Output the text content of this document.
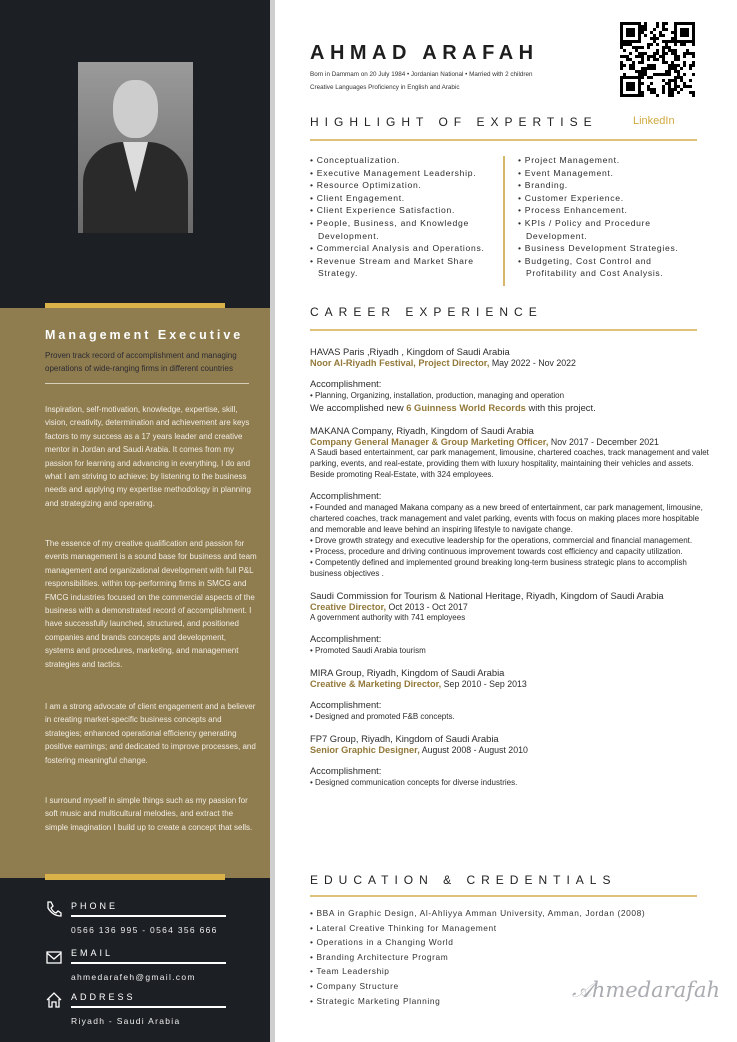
Management Executive
Proven track record of accomplishment and managing operations of wide-ranging firms in different countries
Inspiration, self-motivation, knowledge, expertise, skill, vision, creativity, determination and achievement are keys factors to my success as a 17 years leader and creative mentor in Jordan and Saudi Arabia. It comes from my passion for learning and advancing in everything, I do and what I am striving to achieve; by listening to the business needs and applying my expertise methodology in planning and strategizing and operating.
The essence of my creative qualification and passion for events management is a sound base for business and team management and organizational development with full P&L responsibilities. within top-performing firms in SMCG and FMCG industries focused on the commercial aspects of the business with a demonstrated record of accomplishment. I have successfully launched, structured, and positioned companies and brands concepts and development, systems and procedures, marketing, and management strategies and tactics.
I am a strong advocate of client engagement and a believer in creating market-specific business concepts and strategies; enhanced operational efficiency generating positive earnings; and dedicated to improve processes, and fostering meaningful change.
I surround myself in simple things such as my passion for soft music and multicultural melodies, and extract the simple imagination I build up to create a concept that sells.
PHONE
0566 136 995 - 0564 356 666
EMAIL
ahmedarafeh@gmail.com
ADDRESS
Riyadh - Saudi Arabia
AHMAD ARAFAH
Born in Dammam on 20 July 1984 • Jordanian National • Married with 2 children
Creative Languages Proficiency in English and Arabic
HIGHLIGHT OF EXPERTISE	LinkedIn
• Conceptualization.
• Executive Management Leadership.
• Resource Optimization.
• Client Engagement.
• Client Experience Satisfaction.
• People, Business, and Knowledge Development.
• Commercial Analysis and Operations.
• Revenue Stream and Market Share Strategy.
• Project Management.
• Event Management.
• Branding.
• Customer Experience.
• Process Enhancement.
• KPIs / Policy and Procedure Development.
• Business Development Strategies.
• Budgeting, Cost Control and Profitability and Cost Analysis.
CAREER EXPERIENCE
HAVAS Paris ,Riyadh , Kingdom of Saudi Arabia
Noor Al-Riyadh Festival, Project Director, May 2022 - Nov 2022
Accomplishment:
• Planning, Organizing, installation, production, managing and operation
We accomplished new 6 Guinness World Records with this project.
MAKANA Company, Riyadh, Kingdom of Saudi Arabia
Company General Manager & Group Marketing Officer, Nov 2017 - December 2021
A Saudi based entertainment, car park management, limousine, chartered coaches, track management and valet parking, events, and real-estate, providing them with luxury hospitality, maintaining their vehicles and assets. Beside promoting Real-Estate, with 324 employees.
Accomplishment:
• Founded and managed Makana company as a new breed of entertainment, car park management, limousine, chartered coaches, track management and valet parking, events with focus on making places more hospitable and memorable and leave behind an inspiring lifestyle to navigate change.
• Drove growth strategy and executive leadership for the operations, commercial and financial management.
• Process, procedure and driving continuous improvement towards cost efficiency and capacity utilization.
• Competently defined and implemented ground breaking long-term business strategic plans to accomplish business objectives .
Saudi Commission for Tourism & National Heritage, Riyadh, Kingdom of Saudi Arabia
Creative Director, Oct 2013 - Oct 2017
A government authority with 741 employees
Accomplishment:
• Promoted Saudi Arabia tourism
MIRA Group, Riyadh, Kingdom of Saudi Arabia
Creative & Marketing Director, Sep 2010 - Sep 2013
Accomplishment:
• Designed and promoted F&B concepts.
FP7 Group, Riyadh, Kingdom of Saudi Arabia
Senior Graphic Designer, August 2008 - August 2010
Accomplishment:
• Designed communication concepts for diverse industries.
EDUCATION & CREDENTIALS
• BBA in Graphic Design, Al-Ahliyya Amman University, Amman, Jordan (2008)
• Lateral Creative Thinking for Management
• Operations in a Changing World
• Branding Architecture Program
• Team Leadership
• Company Structure
• Strategic Marketing Planning	𝒜hmedarafah
